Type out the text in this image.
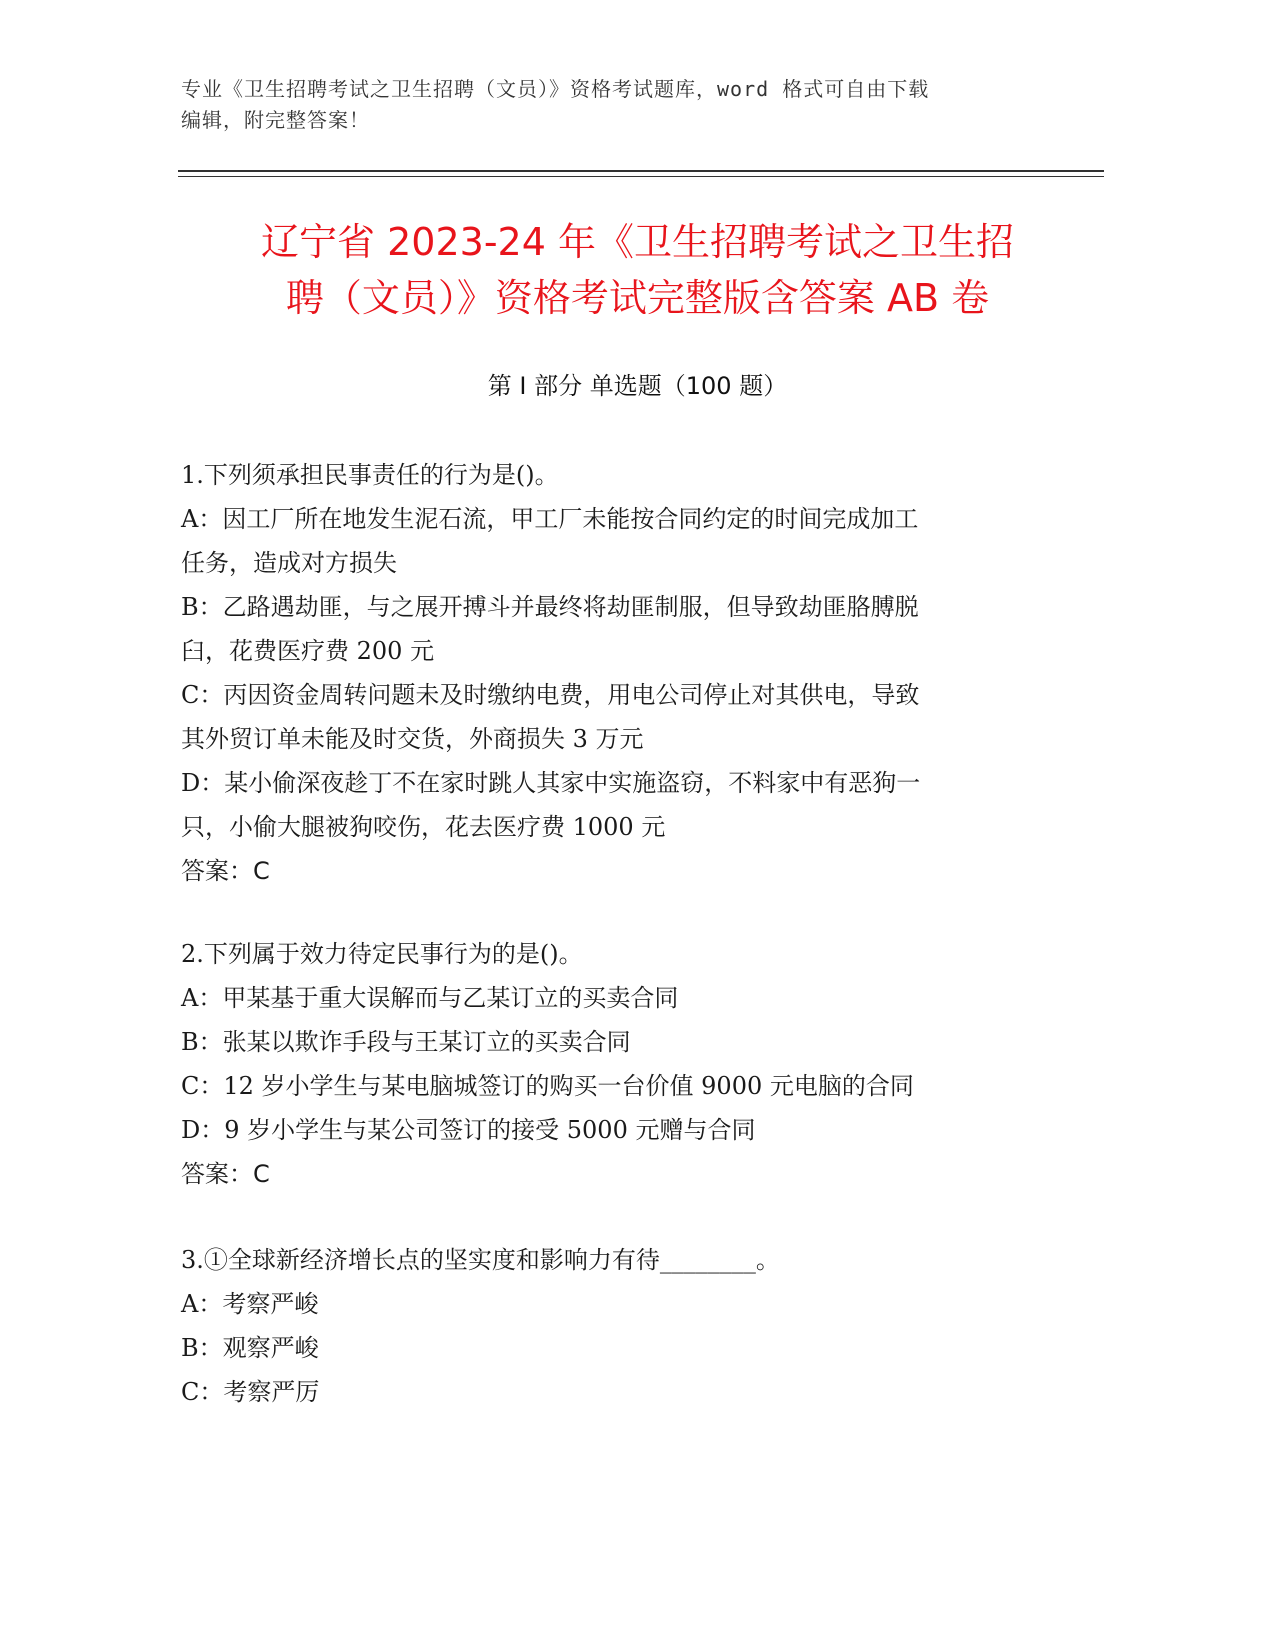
专业《卫生招聘考试之卫生招聘（文员）》资格考试题库，word 格式可自由下载
编辑，附完整答案！
辽宁省 2023-24 年《卫生招聘考试之卫生招
聘（文员）》资格考试完整版含答案 AB 卷
第 I 部分 单选题（100 题）
1.下列须承担民事责任的行为是()。
A：因工厂所在地发生泥石流，甲工厂未能按合同约定的时间完成加工
任务，造成对方损失
B：乙路遇劫匪，与之展开搏斗并最终将劫匪制服，但导致劫匪胳膊脱
臼，花费医疗费 200 元
C：丙因资金周转问题未及时缴纳电费，用电公司停止对其供电，导致
其外贸订单未能及时交货，外商损失 3 万元
D：某小偷深夜趁丁不在家时跳人其家中实施盗窃，不料家中有恶狗一
只，小偷大腿被狗咬伤，花去医疗费 1000 元
答案：C
2.下列属于效力待定民事行为的是()。
A：甲某基于重大误解而与乙某订立的买卖合同
B：张某以欺诈手段与王某订立的买卖合同
C：12 岁小学生与某电脑城签订的购买一台价值 9000 元电脑的合同
D：9 岁小学生与某公司签订的接受 5000 元赠与合同
答案：C
3.①全球新经济增长点的坚实度和影响力有待________。
A：考察严峻
B：观察严峻
C：考察严厉
